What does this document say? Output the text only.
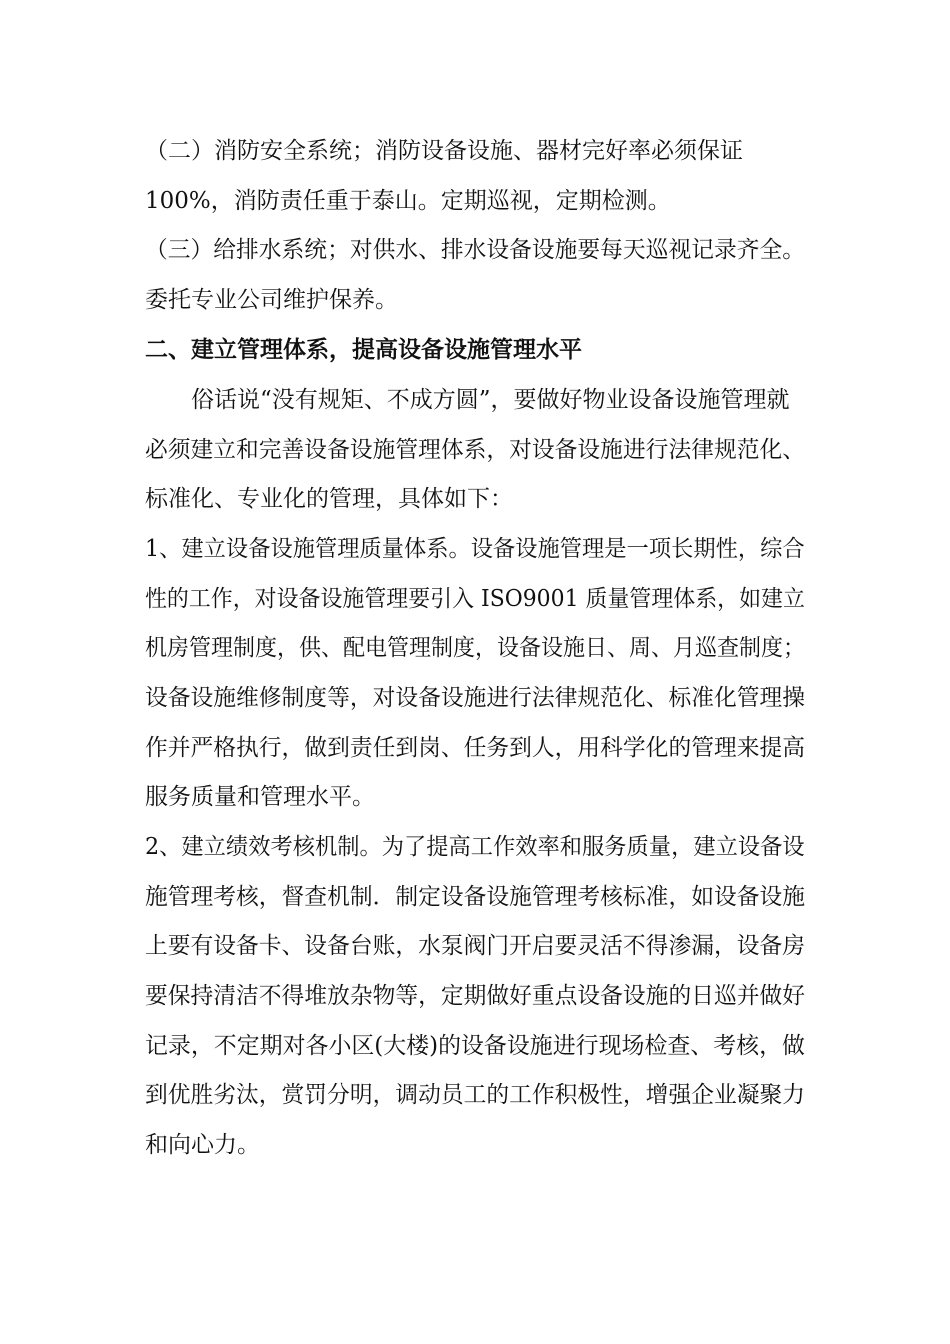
（二）消防安全系统；消防设备设施、器材完好率必须保证
100%，消防责任重于泰山。定期巡视，定期检测。
（三）给排水系统；对供水、排水设备设施要每天巡视记录齐全。
委托专业公司维护保养。
二、建立管理体系，提高设备设施管理水平
俗话说“没有规矩、不成方圆”，要做好物业设备设施管理就
必须建立和完善设备设施管理体系，对设备设施进行法律规范化、
标准化、专业化的管理，具体如下：
1、建立设备设施管理质量体系。设备设施管理是一项长期性，综合
性的工作，对设备设施管理要引入 ISO9001 质量管理体系，如建立
机房管理制度，供、配电管理制度，设备设施日、周、月巡查制度；
设备设施维修制度等，对设备设施进行法律规范化、标准化管理操
作并严格执行，做到责任到岗、任务到人，用科学化的管理来提高
服务质量和管理水平。
2、建立绩效考核机制。为了提高工作效率和服务质量，建立设备设
施管理考核，督查机制．制定设备设施管理考核标准，如设备设施
上要有设备卡、设备台账，水泵阀门开启要灵活不得渗漏，设备房
要保持清洁不得堆放杂物等，定期做好重点设备设施的日巡并做好
记录，不定期对各小区(大楼)的设备设施进行现场检查、考核，做
到优胜劣汰，赏罚分明，调动员工的工作积极性，增强企业凝聚力
和向心力。
